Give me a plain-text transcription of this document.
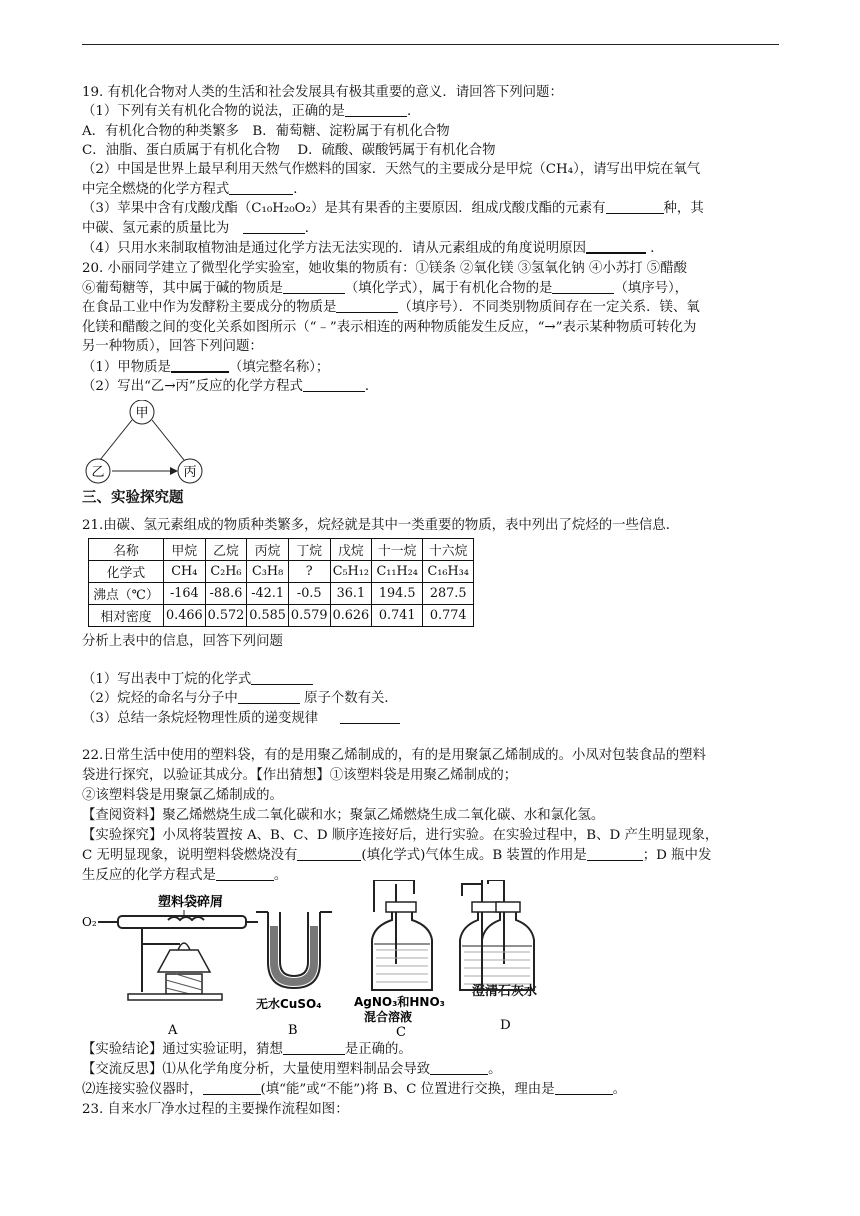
19. 有机化合物对人类的生活和社会发展具有极其重要的意义．请回答下列问题：
（1）下列有关有机化合物的说法，正确的是	．
A．有机化合物的种类繁多　B．葡萄糖、淀粉属于有机化合物
C．油脂、蛋白质属于有机化合物　 D．硫酸、碳酸钙属于有机化合物
（2）中国是世界上最早利用天然气作燃料的国家．天然气的主要成分是甲烷（CH₄），请写出甲烷在氧气
中完全燃烧的化学方程式	．
（3）苹果中含有戊酸戊酯（C₁₀H₂₀O₂）是其有果香的主要原因．组成戊酸戊酯的元素有	种，其
中碳、氢元素的质量比为　	．
（4）只用水来制取植物油是通过化学方法无法实现的．请从元素组成的角度说明原因	．
20. 小丽同学建立了微型化学实验室，她收集的物质有：①镁条 ②氧化镁 ③氢氧化钠 ④小苏打 ⑤醋酸
⑥葡萄糖等，其中属于碱的物质是	（填化学式），属于有机化合物的是	（填序号），
在食品工业中作为发酵粉主要成分的物质是	（填序号）．不同类别物质间存在一定关系．镁、氧
化镁和醋酸之间的变化关系如图所示（“﹣”表示相连的两种物质能发生反应，“→”表示某种物质可转化为
另一种物质），回答下列问题：
（1）甲物质是	（填完整名称）；
（2）写出“乙→丙”反应的化学方程式	．
甲
乙	丙
三、实验探究题
21.由碳、氢元素组成的物质种类繁多，烷烃就是其中一类重要的物质，表中列出了烷烃的一些信息．
名称	甲烷	乙烷	丙烷	丁烷	戊烷	十一烷	十六烷
化学式	CH₄	C₂H₆	C₃H₈	?	C₅H₁₂	C₁₁H₂₄	C₁₆H₃₄
沸点（℃）	-164	-88.6	-42.1	-0.5	36.1	194.5	287.5
相对密度	0.466	0.572	0.585	0.579	0.626	0.741	0.774
分析上表中的信息，回答下列问题
（1）写出表中丁烷的化学式
（2）烷烃的命名与分子中	原子个数有关．
（3）总结一条烷烃物理性质的递变规律　
22.日常生活中使用的塑料袋，有的是用聚乙烯制成的，有的是用聚氯乙烯制成的。小凤对包装食品的塑料
袋进行探究，以验证其成分。【作出猜想】①该塑料袋是用聚乙烯制成的；
②该塑料袋是用聚氯乙烯制成的。
【查阅资料】聚乙烯燃烧生成二氧化碳和水；聚氯乙烯燃烧生成二氧化碳、水和氯化氢。
【实验探究】小凤将装置按 A、B、C、D 顺序连接好后，进行实验。在实验过程中，B、D 产生明显现象，
C 无明显现象，说明塑料袋燃烧没有	(填化学式)气体生成。B 装置的作用是	；D 瓶中发
生反应的化学方程式是	。
O₂
塑料袋碎屑
A
无水CuSO₄
B
AgNO₃和HNO₃
混合溶液
C
澄清石灰水
D
【实验结论】通过实验证明，猜想	是正确的。
【交流反思】⑴从化学角度分析，大量使用塑料制品会导致	。
⑵连接实验仪器时，	(填“能”或“不能”)将 B、C 位置进行交换，理由是	。
23. 自来水厂净水过程的主要操作流程如图：
